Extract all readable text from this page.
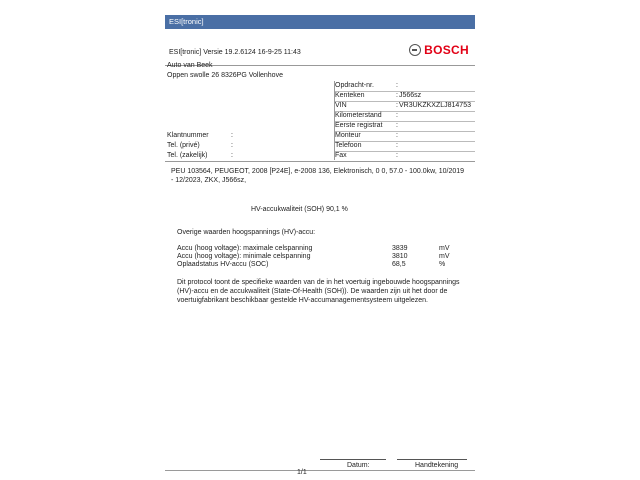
ESI[tronic]
ESI[tronic] Versie 19.2.6124 16-9-25 11:43	BOSCH
Auto van Beek
Oppen swolle 26 8326PG Vollenhove
Opdracht-nr.	:
Kenteken	: J566sz
VIN	: VR3UKZKXZLJ814753
Kilometerstand :
Eerste registrat :
Monteur	:
Telefoon	:
Fax	:
Klantnummer	:
Tel. (privé)	:
Tel. (zakelijk)	:
PEU 103564, PEUGEOT, 2008 [P24E], e-2008 136, Elektronisch, 0 0, 57.0 - 100.0kw, 10/2019
- 12/2023, ZKX, J566sz,
HV-accukwaliteit (SOH) 90,1 %
Overige waarden hoogspannings (HV)-accu:
Accu (hoog voltage): maximale celspanning	3839	mV
Accu (hoog voltage): minimale celspanning	3810	mV
Oplaadstatus HV-accu (SOC)	68,5	%
Dit protocol toont de specifieke waarden van de in het voertuig ingebouwde hoogspannings
(HV)-accu en de accukwaliteit (State-Of-Health (SOH)). De waarden zijn uit het door de
voertuigfabrikant beschikbaar gestelde HV-accumanagementsysteem uitgelezen.
Datum:	Handtekening
1/1
